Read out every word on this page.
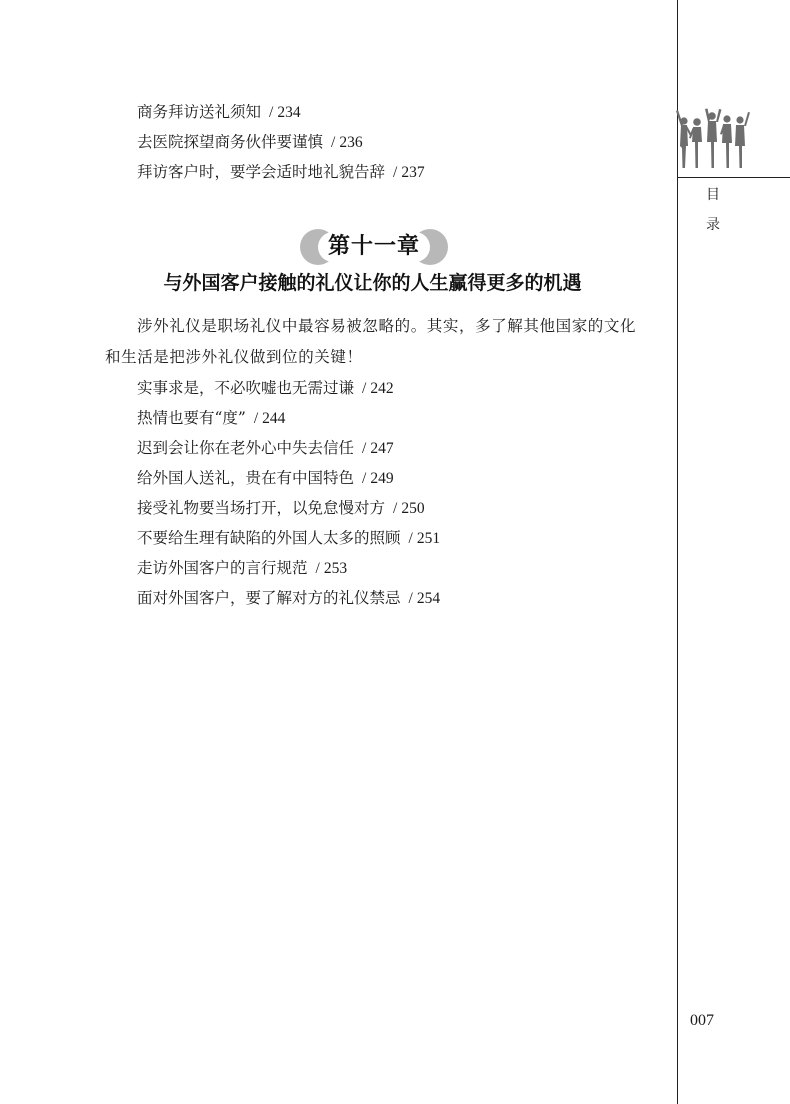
目
录
商务拜访送礼须知 / 234
去医院探望商务伙伴要谨慎 / 236
拜访客户时，要学会适时地礼貌告辞 / 237
第十一章
与外国客户接触的礼仪让你的人生赢得更多的机遇

涉外礼仪是职场礼仪中最容易被忽略的。其实，多了解其他国家的文化和生活是把涉外礼仪做到位的关键！

实事求是，不必吹嘘也无需过谦 / 242
热情也要有“度” / 244
迟到会让你在老外心中失去信任 / 247
给外国人送礼，贵在有中国特色 / 249
接受礼物要当场打开，以免怠慢对方 / 250
不要给生理有缺陷的外国人太多的照顾 / 251
走访外国客户的言行规范 / 253
面对外国客户，要了解对方的礼仪禁忌 / 254
007
